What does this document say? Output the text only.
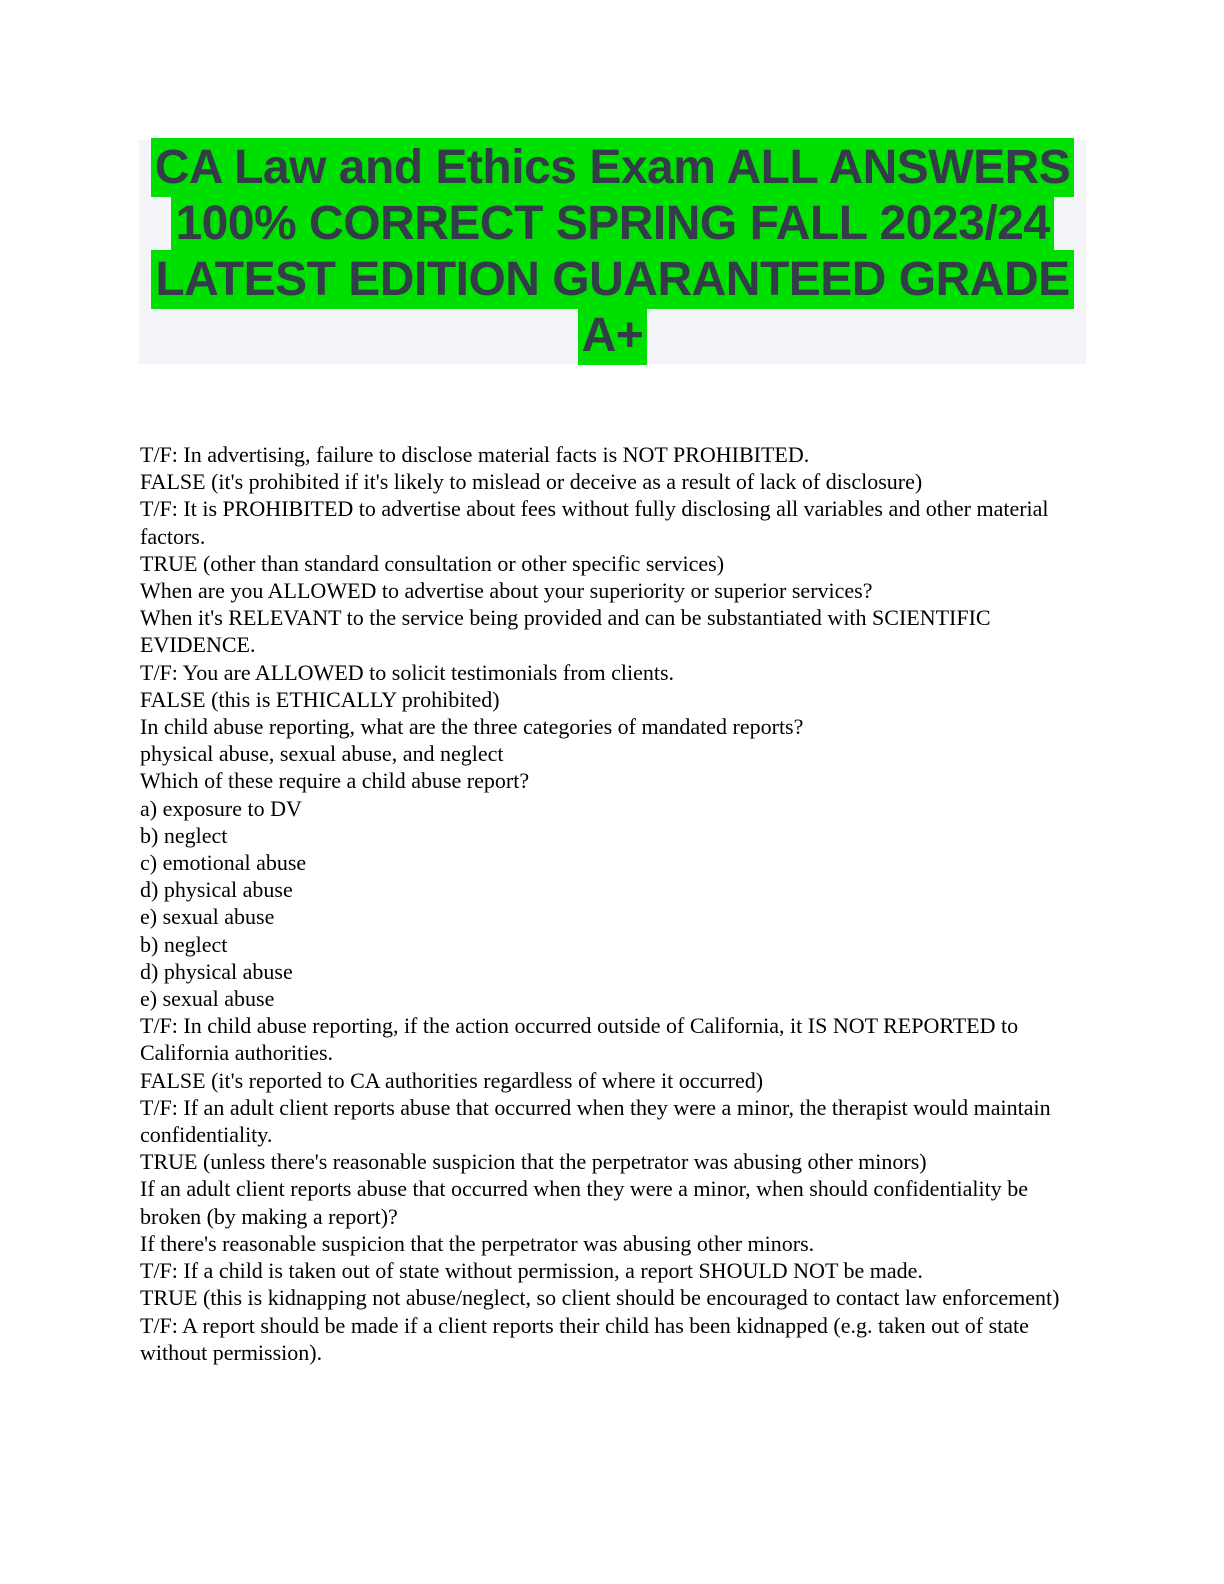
CA Law and Ethics Exam ALL ANSWERS
100% CORRECT SPRING FALL 2023/24
LATEST EDITION GUARANTEED GRADE
A+

T/F: In advertising, failure to disclose material facts is NOT PROHIBITED.

FALSE (it's prohibited if it's likely to mislead or deceive as a result of lack of disclosure)

T/F: It is PROHIBITED to advertise about fees without fully disclosing all variables and other material factors.

TRUE (other than standard consultation or other specific services)

When are you ALLOWED to advertise about your superiority or superior services?

When it's RELEVANT to the service being provided and can be substantiated with SCIENTIFIC EVIDENCE.

T/F: You are ALLOWED to solicit testimonials from clients.

FALSE (this is ETHICALLY prohibited)

In child abuse reporting, what are the three categories of mandated reports?

physical abuse, sexual abuse, and neglect

Which of these require a child abuse report?

a) exposure to DV

b) neglect

c) emotional abuse

d) physical abuse

e) sexual abuse

b) neglect

d) physical abuse

e) sexual abuse

T/F: In child abuse reporting, if the action occurred outside of California, it IS NOT REPORTED to California authorities.

FALSE (it's reported to CA authorities regardless of where it occurred)

T/F: If an adult client reports abuse that occurred when they were a minor, the therapist would maintain confidentiality.

TRUE (unless there's reasonable suspicion that the perpetrator was abusing other minors)

If an adult client reports abuse that occurred when they were a minor, when should confidentiality be broken (by making a report)?

If there's reasonable suspicion that the perpetrator was abusing other minors.

T/F: If a child is taken out of state without permission, a report SHOULD NOT be made.

TRUE (this is kidnapping not abuse/neglect, so client should be encouraged to contact law enforcement)

T/F: A report should be made if a client reports their child has been kidnapped (e.g. taken out of state without permission).
